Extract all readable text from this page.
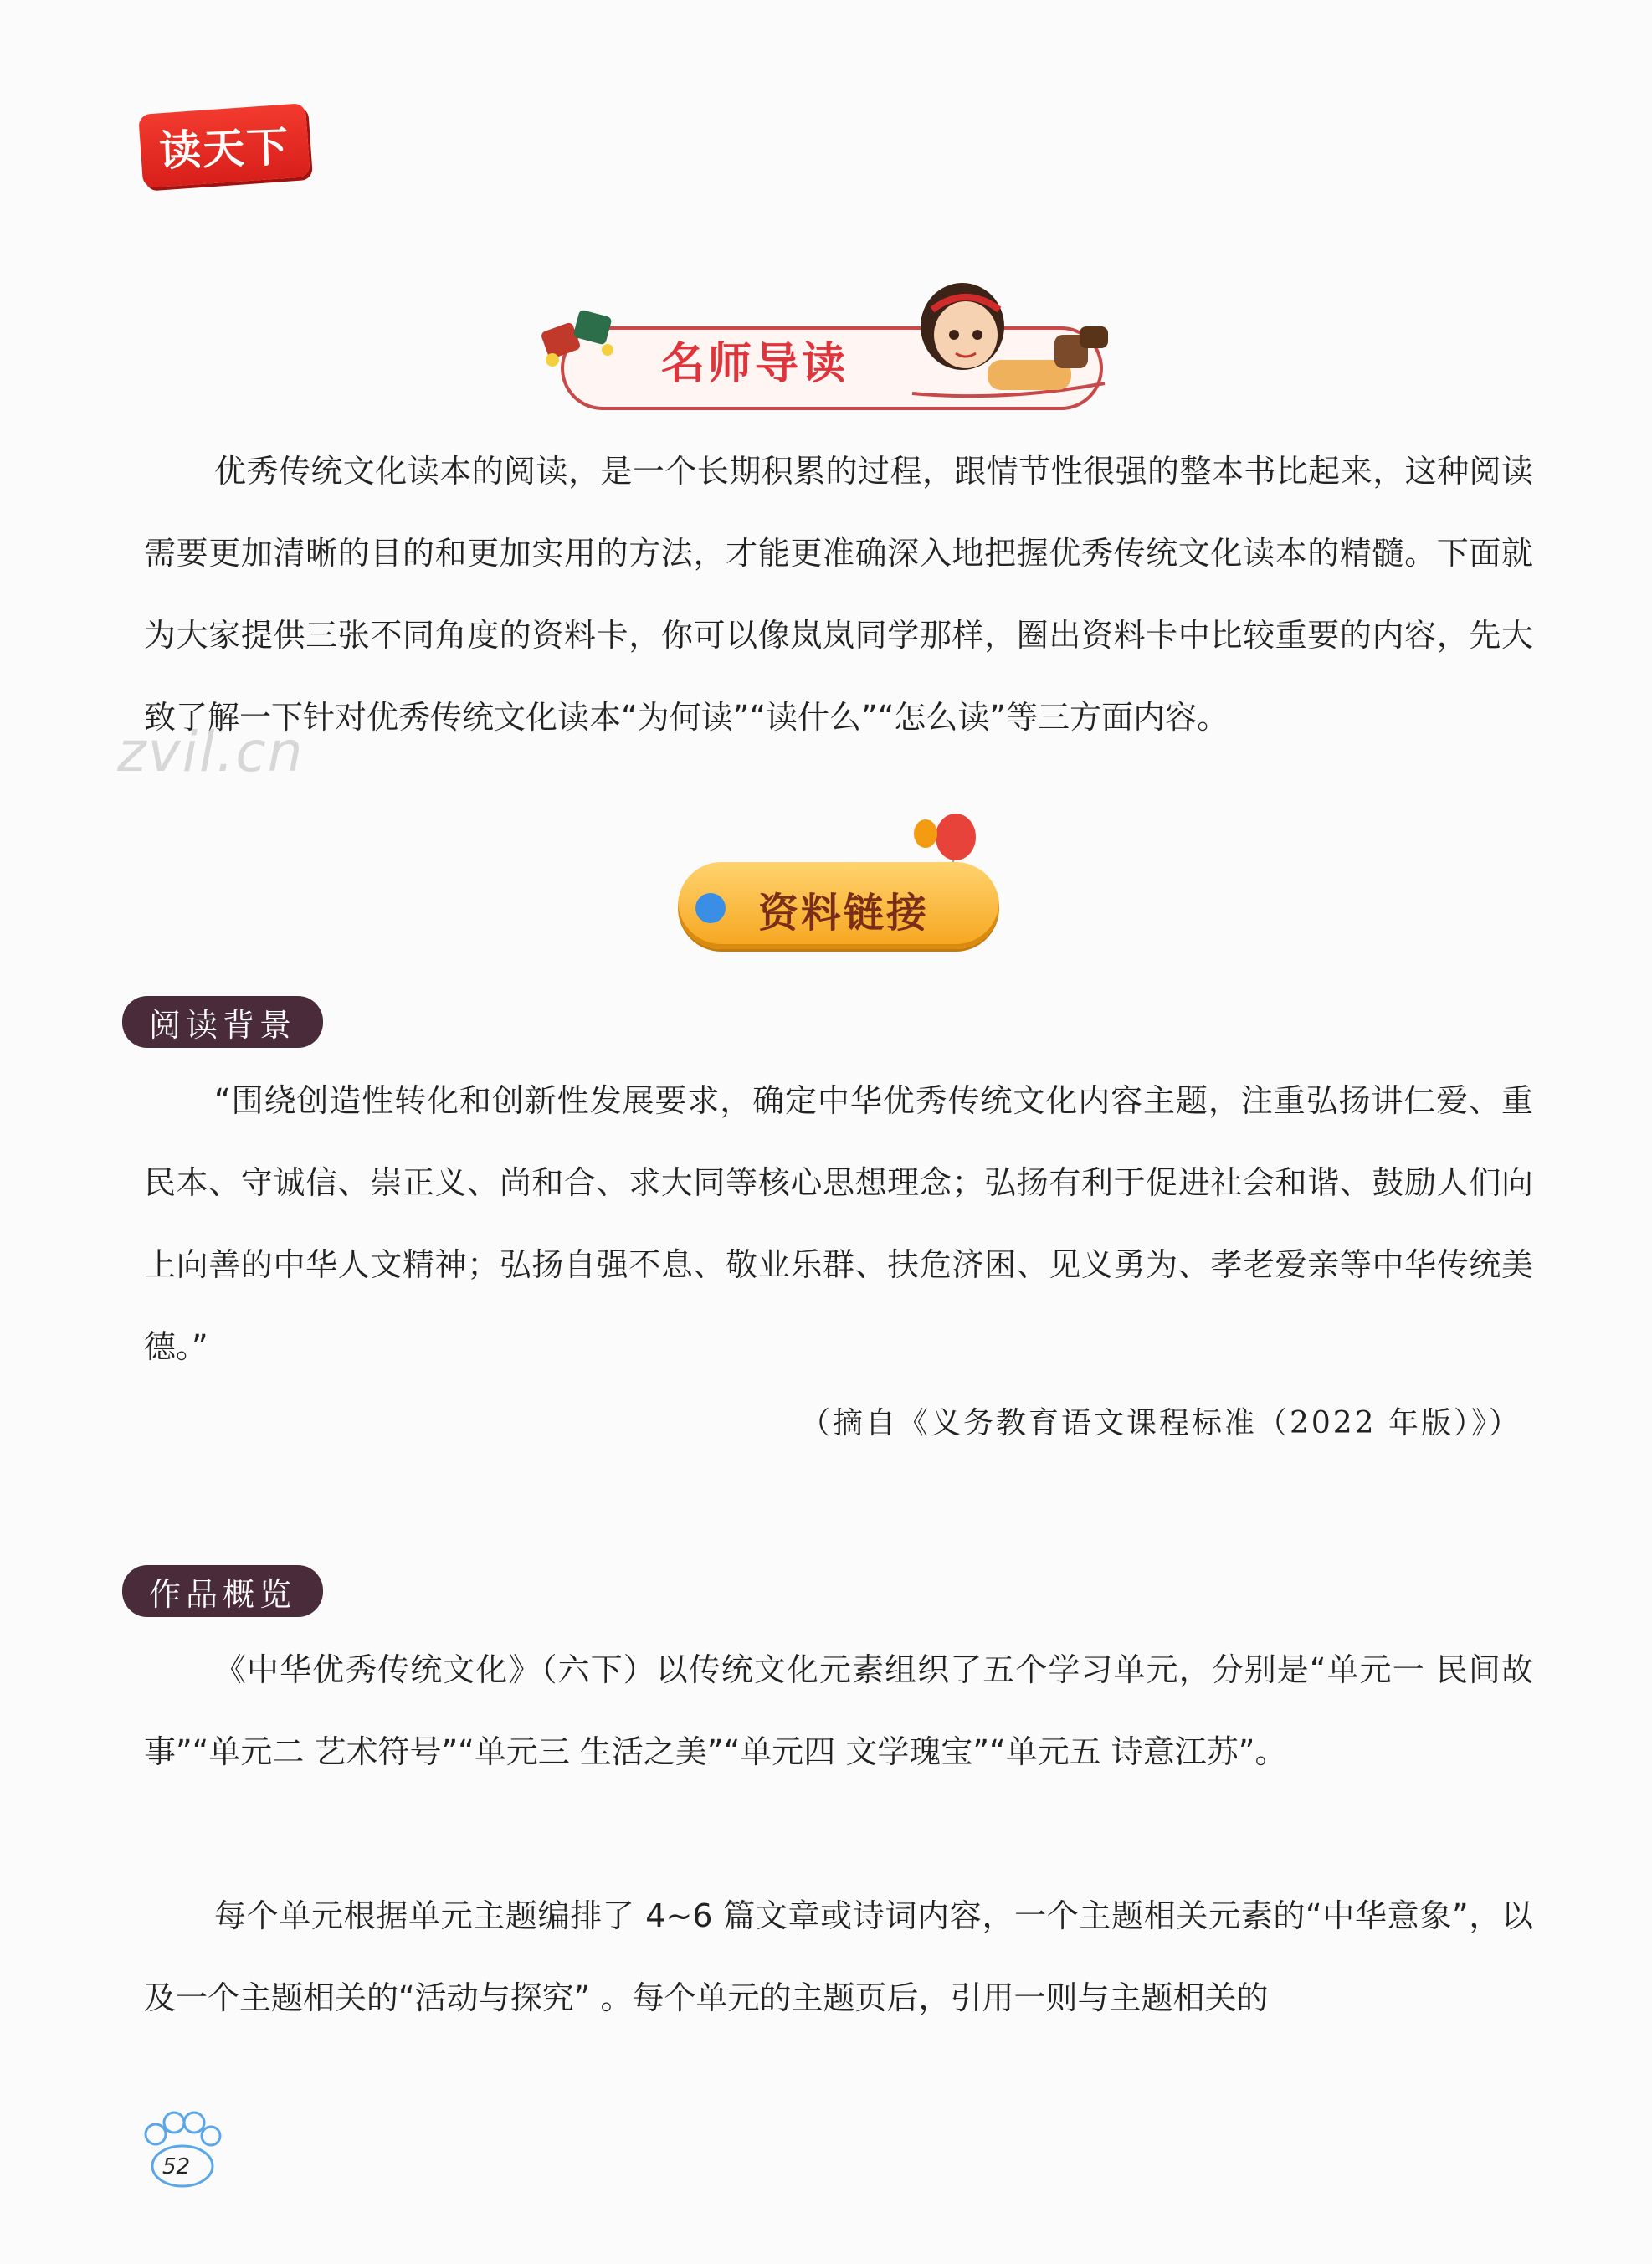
读天下
名师导读

优秀传统文化读本的阅读，是一个长期积累的过程，跟情节性很强的整本书比起来，这种阅读需要更加清晰的目的和更加实用的方法，才能更准确深入地把握优秀传统文化读本的精髓。下面就为大家提供三张不同角度的资料卡，你可以像岚岚同学那样，圈出资料卡中比较重要的内容，先大致了解一下针对优秀传统文化读本“为何读”“读什么”“怎么读”等三方面内容。

zvil.cn
资料链接
阅读背景

“围绕创造性转化和创新性发展要求，确定中华优秀传统文化内容主题，注重弘扬讲仁爱、重民本、守诚信、崇正义、尚和合、求大同等核心思想理念；弘扬有利于促进社会和谐、鼓励人们向上向善的中华人文精神；弘扬自强不息、敬业乐群、扶危济困、见义勇为、孝老爱亲等中华传统美德。”

（摘自《义务教育语文课程标准（2022 年版）》）
作品概览

《中华优秀传统文化》（六下）以传统文化元素组织了五个学习单元，分别是“单元一 民间故事”“单元二 艺术符号”“单元三 生活之美”“单元四 文学瑰宝”“单元五 诗意江苏”。

每个单元根据单元主题编排了 4~6 篇文章或诗词内容，一个主题相关元素的“中华意象”，以及一个主题相关的“活动与探究” 。每个单元的主题页后，引用一则与主题相关的

52
